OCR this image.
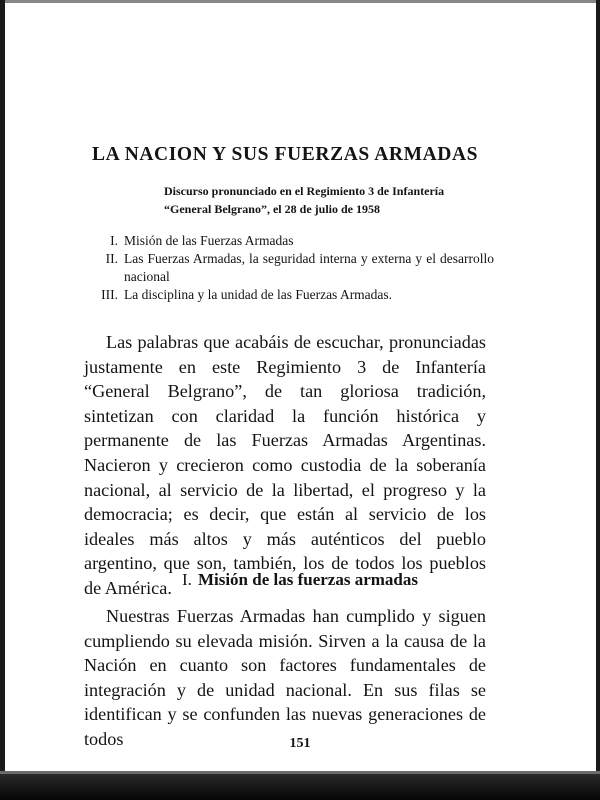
LA NACION Y SUS FUERZAS ARMADAS
Discurso pronunciado en el Regimiento 3 de Infantería
“General Belgrano”, el 28 de julio de 1958
I. Misión de las Fuerzas Armadas
II. Las Fuerzas Armadas, la seguridad interna y externa y el desarrollo nacional
III. La disciplina y la unidad de las Fuerzas Armadas.

Las palabras que acabáis de escuchar, pronunciadas justamente en este Regimiento 3 de Infantería “General Belgrano”, de tan gloriosa tradición, sintetizan con claridad la función histórica y permanente de las Fuerzas Armadas Argentinas. Nacieron y crecieron como custodia de la soberanía nacional, al servicio de la libertad, el progreso y la democracia; es decir, que están al servicio de los ideales más altos y más auténticos del pueblo argentino, que son, también, los de todos los pueblos de América. I. Misión de las fuerzas armadas

Nuestras Fuerzas Armadas han cumplido y siguen cumpliendo su elevada misión. Sirven a la causa de la Nación en cuanto son factores fundamentales de integración y de unidad nacional. En sus filas se identifican y se confunden las nuevas generaciones de todos	151
